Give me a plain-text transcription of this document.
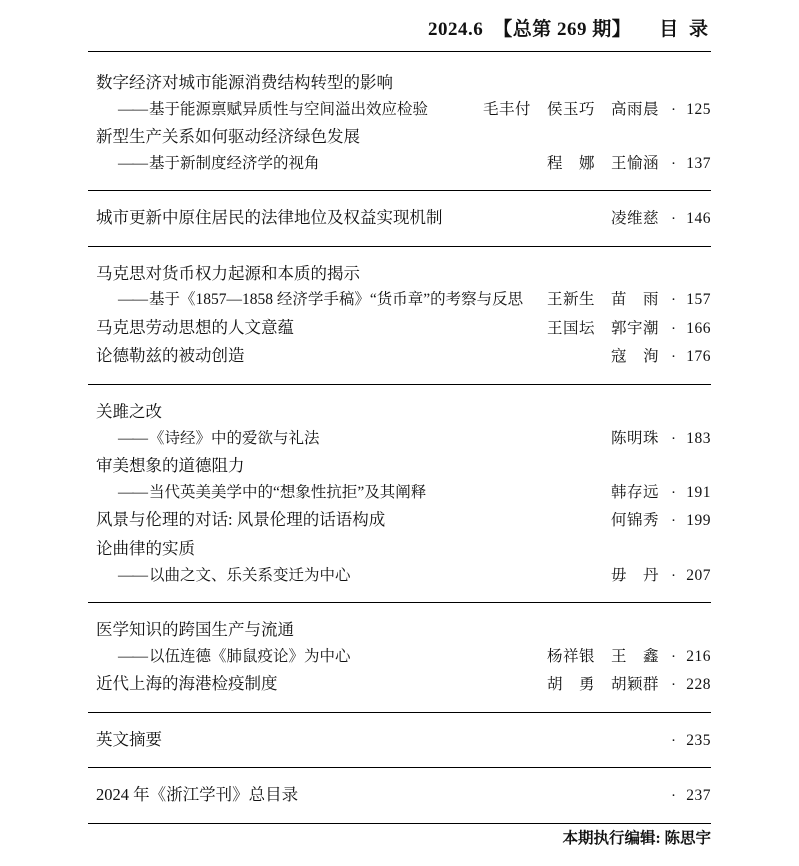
2024.6 【总第 269 期】 目 录
数字经济对城市能源消费结构转型的影响
—— 基于能源禀赋异质性与空间溢出效应检验	毛丰付 侯玉巧 高雨晨 · 125
新型生产关系如何驱动经济绿色发展
—— 基于新制度经济学的视角	程　娜 王愉涵 · 137
城市更新中原住居民的法律地位及权益实现机制	凌维慈 · 146
马克思对货币权力起源和本质的揭示
—— 基于《1857—1858 经济学手稿》“货币章”的考察与反思	王新生 苗　雨 · 157
马克思劳动思想的人文意蕴	王国坛 郭宇潮 · 166
论德勒兹的被动创造	寇　洵 · 176
关雎之改
—— 《诗经》中的爱欲与礼法	陈明珠 · 183
审美想象的道德阻力
—— 当代英美美学中的“想象性抗拒”及其阐释	韩存远 · 191
风景与伦理的对话: 风景伦理的话语构成	何锦秀 · 199
论曲律的实质
—— 以曲之文、乐关系变迁为中心	毋　丹 · 207
医学知识的跨国生产与流通
—— 以伍连德《肺鼠疫论》为中心	杨祥银 王　鑫 · 216
近代上海的海港检疫制度	胡　勇 胡颖群 · 228
英文摘要	· 235
2024 年《浙江学刊》总目录	· 237
本期执行编辑: 陈思宇
